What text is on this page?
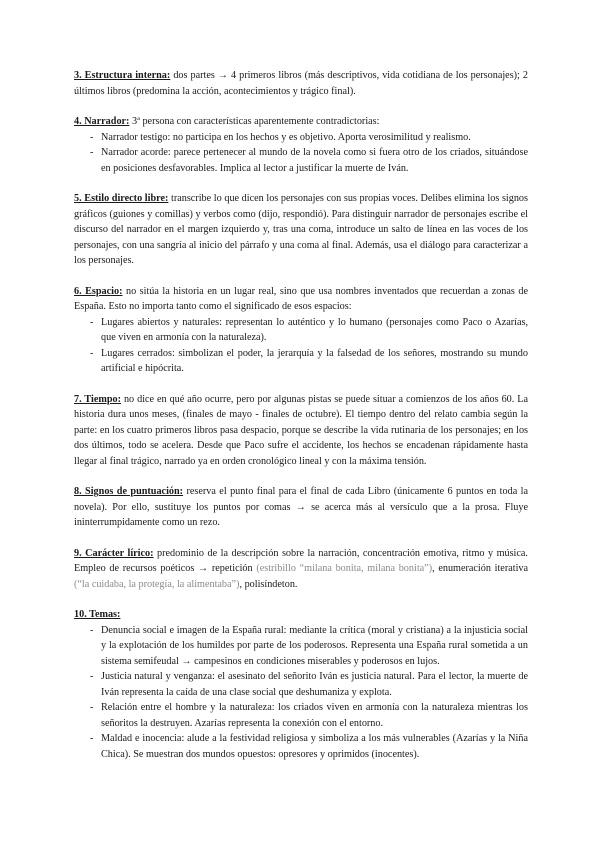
3. Estructura interna: dos partes → 4 primeros libros (más descriptivos, vida cotidiana de los personajes); 2 últimos libros (predomina la acción, acontecimientos y trágico final).

4. Narrador: 3ª persona con características aparentemente contradictorias:

- Narrador testigo: no participa en los hechos y es objetivo. Aporta verosimilitud y realismo.
- Narrador acorde: parece pertenecer al mundo de la novela como si fuera otro de los criados, situándose en posiciones desfavorables. Implica al lector a justificar la muerte de Iván.

5. Estilo directo libre: transcribe lo que dicen los personajes con sus propias voces. Delibes elimina los signos gráficos (guiones y comillas) y verbos como (dijo, respondió). Para distinguir narrador de personajes escribe el discurso del narrador en el margen izquierdo y, tras una coma, introduce un salto de línea en las voces de los personajes, con una sangría al inicio del párrafo y una coma al final. Además, usa el diálogo para caracterizar a los personajes.

6. Espacio: no sitúa la historia en un lugar real, sino que usa nombres inventados que recuerdan a zonas de España. Esto no importa tanto como el significado de esos espacios:

- Lugares abiertos y naturales: representan lo auténtico y lo humano (personajes como Paco o Azarías, que viven en armonía con la naturaleza).
- Lugares cerrados: simbolizan el poder, la jerarquía y la falsedad de los señores, mostrando su mundo artificial e hipócrita.

7. Tiempo: no dice en qué año ocurre, pero por algunas pistas se puede situar a comienzos de los años 60. La historia dura unos meses, (finales de mayo - finales de octubre). El tiempo dentro del relato cambia según la parte: en los cuatro primeros libros pasa despacio, porque se describe la vida rutinaria de los personajes; en los dos últimos, todo se acelera. Desde que Paco sufre el accidente, los hechos se encadenan rápidamente hasta llegar al final trágico, narrado ya en orden cronológico lineal y con la máxima tensión.

8. Signos de puntuación: reserva el punto final para el final de cada Libro (únicamente 6 puntos en toda la novela). Por ello, sustituye los puntos por comas → se acerca más al versículo que a la prosa. Fluye ininterrumpidamente como un rezo.

9. Carácter lírico: predominio de la descripción sobre la narración, concentración emotiva, ritmo y música. Empleo de recursos poéticos → repetición (estribillo “milana bonita, milana bonita”), enumeración iterativa (“la cuidaba, la protegía, la alimentaba”), polisíndeton.

10. Temas:

- Denuncia social e imagen de la España rural: mediante la crítica (moral y cristiana) a la injusticia social y la explotación de los humildes por parte de los poderosos. Representa una España rural sometida a un sistema semifeudal → campesinos en condiciones miserables y poderosos en lujos.
- Justicia natural y venganza: el asesinato del señorito Iván es justicia natural. Para el lector, la muerte de Iván representa la caída de una clase social que deshumaniza y explota.
- Relación entre el hombre y la naturaleza: los criados viven en armonía con la naturaleza mientras los señoritos la destruyen. Azarías representa la conexión con el entorno.
- Maldad e inocencia: alude a la festividad religiosa y simboliza a los más vulnerables (Azarías y la Niña Chica). Se muestran dos mundos opuestos: opresores y oprimidos (inocentes).
